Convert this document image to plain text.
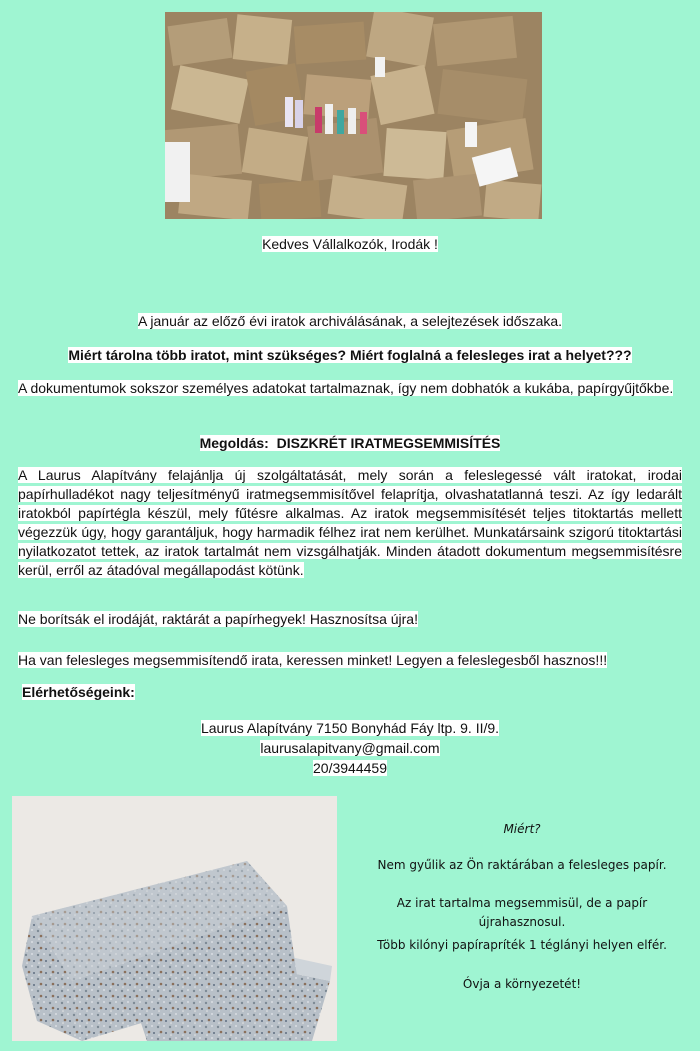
Kedves Vállalkozók, Irodák !
A január az előző évi iratok archiválásának, a selejtezések időszaka.
Miért tárolna több iratot, mint szükséges? Miért foglalná a felesleges irat a helyet???
A dokumentumok sokszor személyes adatokat tartalmaznak, így nem dobhatók a kukába, papírgyűjtőkbe.
Megoldás: DISZKRÉT IRATMEGSEMMISÍTÉS
A Laurus Alapítvány felajánlja új szolgáltatását, mely során a feleslegessé vált iratokat, irodai papírhulladékot nagy teljesítményű iratmegsemmisítővel felaprítja, olvashatatlanná teszi. Az így ledarált iratokból papírtégla készül, mely fűtésre alkalmas. Az iratok megsemmisítését teljes titoktartás mellett végezzük úgy, hogy garantáljuk, hogy harmadik félhez irat nem kerülhet. Munkatársaink szigorú titoktartási nyilatkozatot tettek, az iratok tartalmát nem vizsgálhatják. Minden átadott dokumentum megsemmisítésre kerül, erről az átadóval megállapodást kötünk.
Ne borítsák el irodáját, raktárát a papírhegyek! Hasznosítsa újra!
Ha van felesleges megsemmisítendő irata, keressen minket! Legyen a feleslegesből hasznos!!!
Elérhetőségeink:
Laurus Alapítvány 7150 Bonyhád Fáy ltp. 9. II/9.
laurusalapitvany@gmail.com
20/3944459
Miért?
Nem gyűlik az Ön raktárában a felesleges papír.
Az irat tartalma megsemmisül, de a papír
újrahasznosul.
Több kilónyi papírapríték 1 téglányi helyen elfér.
Óvja a környezetét!
